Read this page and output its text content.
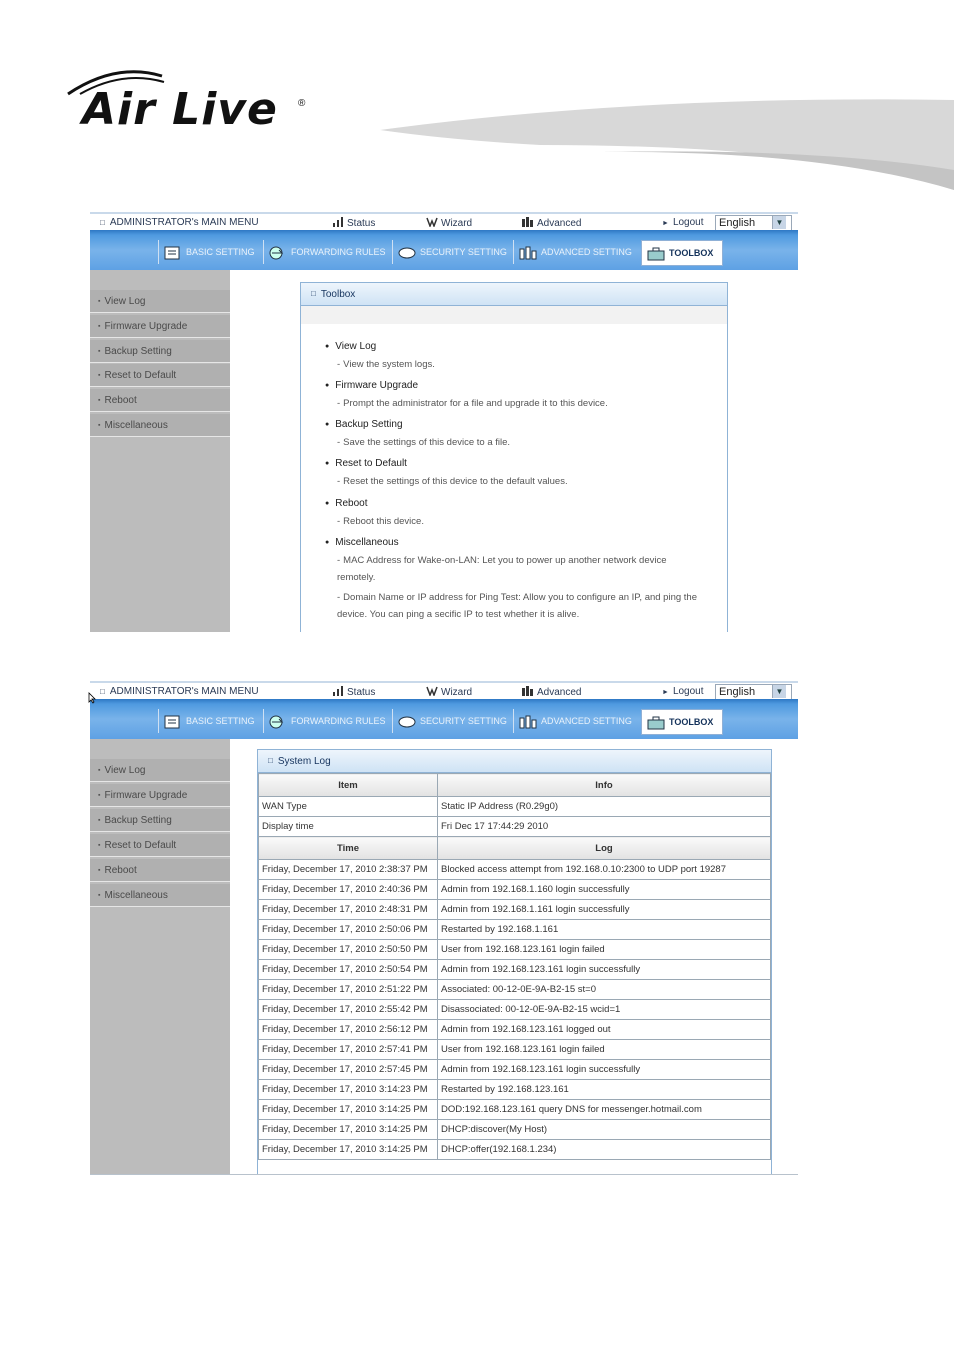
Air Live ®
□ ADMINISTRATOR's MAIN MENU	Status	Wizard	Advanced	► Logout	English	▼
BASIC SETTING	FORWARDING RULES	SECURITY SETTING	ADVANCED SETTING	TOOLBOX
▪ View Log
▪ Firmware Upgrade
▪ Backup Setting
▪ Reset to Default
▪ Reboot
▪ Miscellaneous
□ Toolbox
● View Log
- View the system logs.
● Firmware Upgrade
- Prompt the administrator for a file and upgrade it to this device.
● Backup Setting
- Save the settings of this device to a file.
● Reset to Default
- Reset the settings of this device to the default values.
● Reboot
- Reboot this device.
● Miscellaneous
- MAC Address for Wake-on-LAN: Let you to power up another network device remotely.
- Domain Name or IP address for Ping Test: Allow you to configure an IP, and ping the device. You can ping a secific IP to test whether it is alive.
□ ADMINISTRATOR's MAIN MENU	Status	Wizard	Advanced	► Logout	English	▼
BASIC SETTING	FORWARDING RULES	SECURITY SETTING	ADVANCED SETTING	TOOLBOX
▪ View Log
▪ Firmware Upgrade
▪ Backup Setting
▪ Reset to Default
▪ Reboot
▪ Miscellaneous
□ System Log
Item	Info
WAN Type	Static IP Address (R0.29g0)
Display time	Fri Dec 17 17:44:29 2010
Time	Log
Friday, December 17, 2010 2:38:37 PM	Blocked access attempt from 192.168.0.10:2300 to UDP port 19287
Friday, December 17, 2010 2:40:36 PM	Admin from 192.168.1.160 login successfully
Friday, December 17, 2010 2:48:31 PM	Admin from 192.168.1.161 login successfully
Friday, December 17, 2010 2:50:06 PM	Restarted by 192.168.1.161
Friday, December 17, 2010 2:50:50 PM	User from 192.168.123.161 login failed
Friday, December 17, 2010 2:50:54 PM	Admin from 192.168.123.161 login successfully
Friday, December 17, 2010 2:51:22 PM	Associated: 00-12-0E-9A-B2-15 st=0
Friday, December 17, 2010 2:55:42 PM	Disassociated: 00-12-0E-9A-B2-15 wcid=1
Friday, December 17, 2010 2:56:12 PM	Admin from 192.168.123.161 logged out
Friday, December 17, 2010 2:57:41 PM	User from 192.168.123.161 login failed
Friday, December 17, 2010 2:57:45 PM	Admin from 192.168.123.161 login successfully
Friday, December 17, 2010 3:14:23 PM	Restarted by 192.168.123.161
Friday, December 17, 2010 3:14:25 PM	DOD:192.168.123.161 query DNS for messenger.hotmail.com
Friday, December 17, 2010 3:14:25 PM	DHCP:discover(My Host)
Friday, December 17, 2010 3:14:25 PM	DHCP:offer(192.168.1.234)
